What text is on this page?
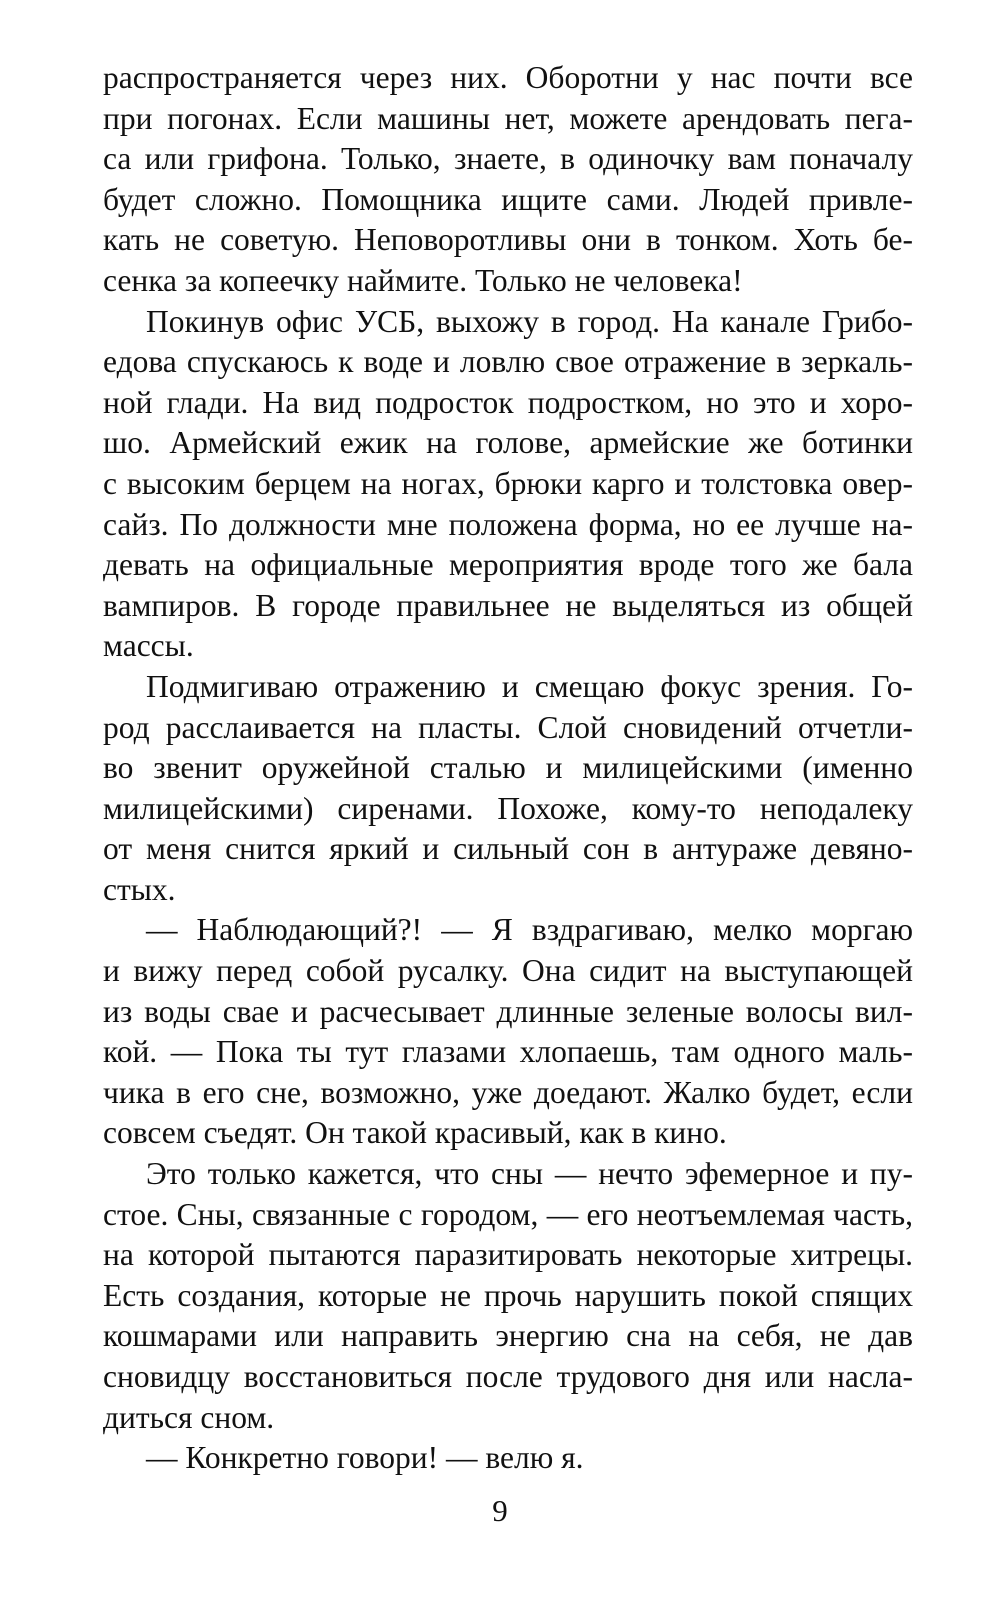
распространяется через них. Оборотни у нас почти все
при погонах. Если машины нет, можете арендовать пега-
са или грифона. Только, знаете, в одиночку вам поначалу
будет сложно. Помощника ищите сами. Людей привле-
кать не советую. Неповоротливы они в тонком. Хоть бе-
сенка за копеечку наймите. Только не человека!
Покинув офис УСБ, выхожу в город. На канале Грибо-
едова спускаюсь к воде и ловлю свое отражение в зеркаль-
ной глади. На вид подросток подростком, но это и хоро-
шо. Армейский ежик на голове, армейские же ботинки
с высоким берцем на ногах, брюки карго и толстовка овер-
сайз. По должности мне положена форма, но ее лучше на-
девать на официальные мероприятия вроде того же бала
вампиров. В городе правильнее не выделяться из общей
массы.
Подмигиваю отражению и смещаю фокус зрения. Го-
род расслаивается на пласты. Слой сновидений отчетли-
во звенит оружейной сталью и милицейскими (именно
милицейскими) сиренами. Похоже, кому-то неподалеку
от меня снится яркий и сильный сон в антураже девяно-
стых.
— Наблюдающий?! — Я вздрагиваю, мелко моргаю
и вижу перед собой русалку. Она сидит на выступающей
из воды свае и расчесывает длинные зеленые волосы вил-
кой. — Пока ты тут глазами хлопаешь, там одного маль-
чика в его сне, возможно, уже доедают. Жалко будет, если
совсем съедят. Он такой красивый, как в кино.
Это только кажется, что сны — нечто эфемерное и пу-
стое. Сны, связанные с городом, — его неотъемлемая часть,
на которой пытаются паразитировать некоторые хитрецы.
Есть создания, которые не прочь нарушить покой спящих
кошмарами или направить энергию сна на себя, не дав
сновидцу восстановиться после трудового дня или насла-
диться сном.
— Конкретно говори! — велю я.
9
